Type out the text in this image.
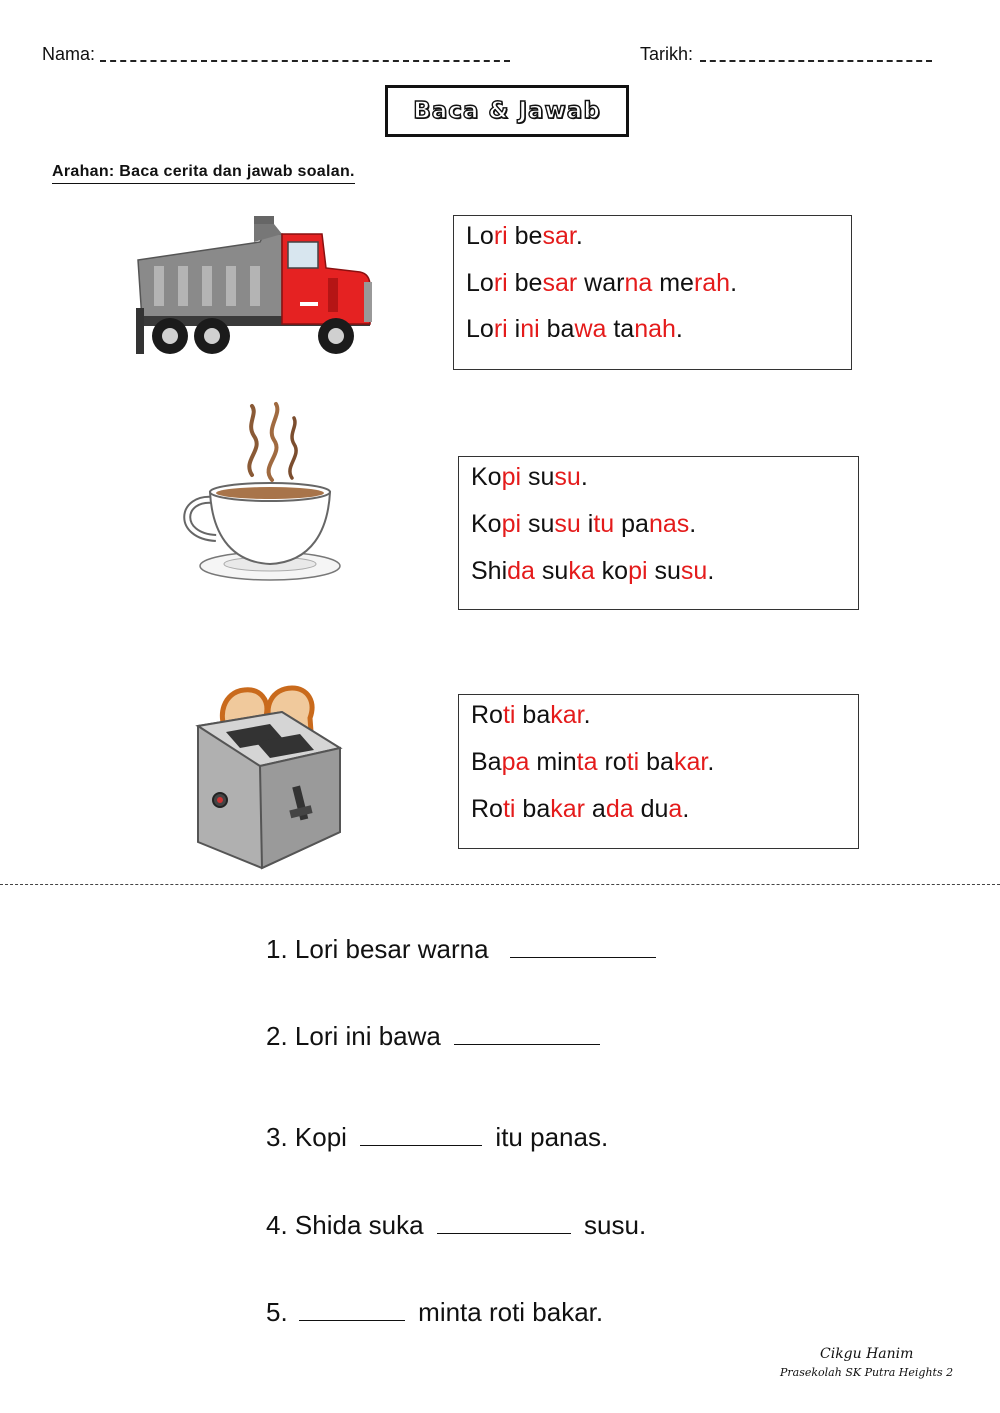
Nama:	Tarikh:
Baca & Jawab
Arahan: Baca cerita dan jawab soalan.
Lori besar.
Lori besar warna merah.
Lori ini bawa tanah.
Kopi susu.
Kopi susu itu panas.
Shida suka kopi susu.
Roti bakar.
Bapa minta roti bakar.
Roti bakar ada dua.
1. Lori besar warna
2. Lori ini bawa
3. Kopi	itu panas.
4. Shida suka	susu.
5.	minta roti bakar.
Cikgu Hanim
Prasekolah SK Putra Heights 2
